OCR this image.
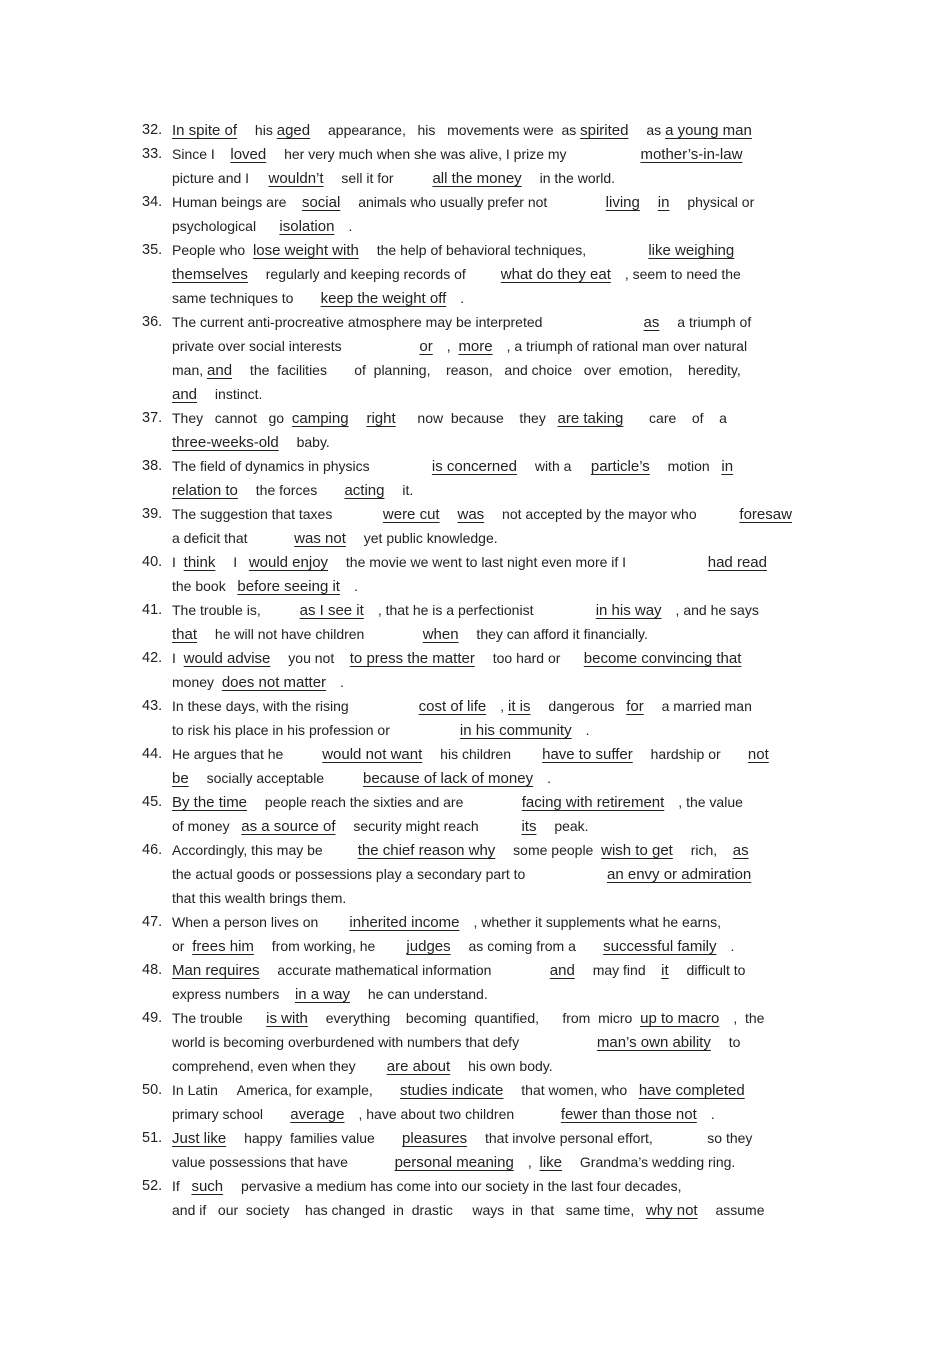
32. In spite of his aged appearance,   his   movements were  as spirited as a young man
33. Since I    loved her very much when she was alive, I prize my                   mother’s-in-law
picture and I     wouldn’t sell it for          all the money in the world.
34. Human beings are    social animals who usually prefer not               living in physical or
psychological      isolation .
35. People who  lose weight with the help of behavioral techniques,                like weighing
themselves regularly and keeping records of         what do they eat , seem to need the
same techniques to       keep the weight off .
36. The current anti-procreative atmosphere may be interpreted                          as a triumph of
private over social interests                    or ,  more , a triumph of rational man over natural
man, and the  facilities       of  planning,    reason,   and choice   over  emotion,    heredity,
and instinct.
37. They   cannot   go  camping right  now  because    they   are taking   care    of    a
three-weeks-old baby.
38. The field of dynamics in physics                is concerned with a     particle’s motion   in
relation to the forces       acting it.
39. The suggestion that taxes             were cut was not accepted by the mayor who           foresaw
a deficit that            was not yet public knowledge.
40. I  think I   would enjoy the movie we went to last night even more if I                     had read
the book   before seeing it .
41. The trouble is,          as I see it , that he is a perfectionist                in his way , and he says
that he will not have children               when they can afford it financially.
42. I  would advise you not    to press the matter too hard or      become convincing that
money  does not matter .
43. In these days, with the rising                  cost of life , it is dangerous   for a married man
to risk his place in his profession or                  in his community .
44. He argues that he          would not want his children        have to suffer hardship or       not
be socially acceptable          because of lack of money .
45. By the time people reach the sixties and are               facing with retirement , the value
of money   as a source of security might reach           its peak.
46. Accordingly, this may be         the chief reason why some people  wish to get rich,    as
the actual goods or possessions play a secondary part to                     an envy or admiration
that this wealth brings them.
47. When a person lives on        inherited income , whether it supplements what he earns,
or  frees him from working, he        judges as coming from a       successful family .
48. Man requires accurate mathematical information               and may find    it difficult to
express numbers    in a way he can understand.
49. The trouble      is with everything    becoming  quantified,      from  micro  up to macro ,  the
world is becoming overburdened with numbers that defy                    man’s own ability to
comprehend, even when they        are about his own body.
50. In Latin     America, for example,       studies indicate that women, who   have completed
primary school       average , have about two children            fewer than those not .
51. Just like happy  families value       pleasures that involve personal effort,              so they
value possessions that have            personal meaning ,  like Grandma’s wedding ring.
52. If   such pervasive a medium has come into our society in the last four decades,
and if   our  society    has changed  in  drastic     ways  in  that   same time,   why not assume
